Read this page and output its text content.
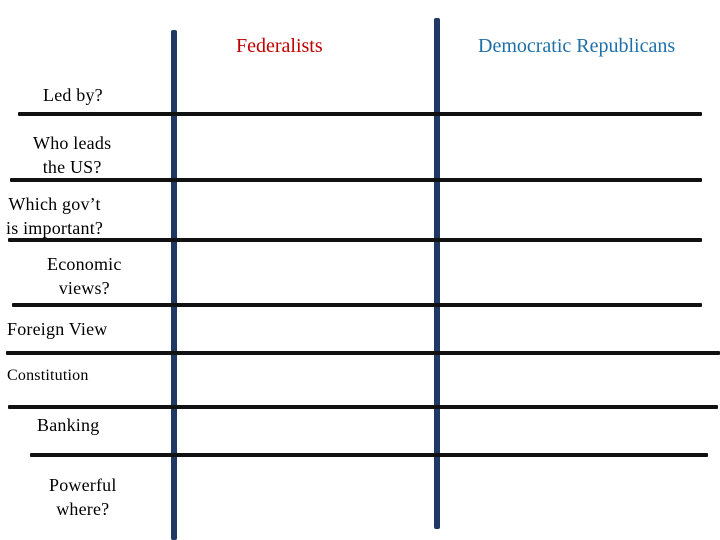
Federalists	Democratic Republicans
Led by?
Who leads
the US?
Which gov’t
is important?
Economic
views?
Foreign View
Constitution
Banking
Powerful
where?
